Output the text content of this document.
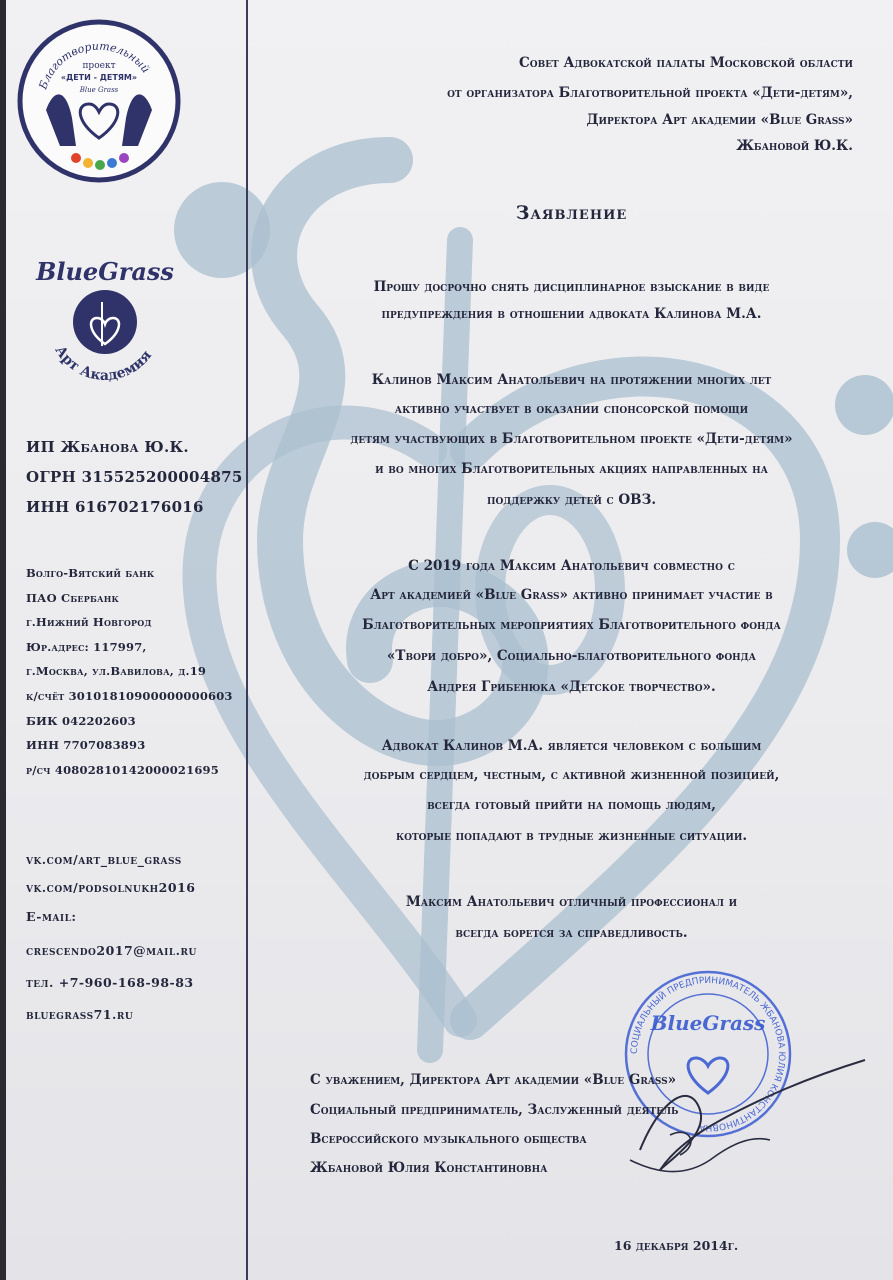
Благотворительный
проект
«ДЕТИ - ДЕТЯМ»
Blue Grass
BlueGrass
Арт Академия
ИП Жбанова Ю.К.
ОГРН 315525200004875
ИНН 616702176016
Волго-Вятский банк
ПАО Сбербанк
г.Нижний Новгород
Юр.адрес: 117997,
г.Москва, ул.Вавилова, д.19
к/счёт 30101810900000000603
БИК 042202603
ИНН 7707083893
р/сч 40802810142000021695
vk.com/art_blue_grass
vk.com/podsolnukh2016
E-mail:
crescendo2017@mail.ru
тел. +7-960-168-98-83
bluegrass71.ru
Совет Адвокатской палаты Московской области
от организатора Благотворительной проекта «Дети-детям»,
Директора Арт академии «Blue Grass»
Жбановой Ю.К.
Заявление
Прошу досрочно снять дисциплинарное взыскание в виде
предупреждения в отношении адвоката Калинова М.А.
Калинов Максим Анатольевич на протяжении многих лет
активно участвует в оказании спонсорской помощи
детям участвующих в Благотворительном проекте «Дети-детям»
и во многих Благотворительных акциях направленных на
поддержку детей с ОВЗ.
С 2019 года Максим Анатольевич совместно с
Арт академией «Blue Grass» активно принимает участие в
Благотворительных мероприятиях Благотворительного фонда
«Твори добро», Социально-благотворительного фонда
Андрея Грибенюка «Детское творчество».
Адвокат Калинов М.А. является человеком с большим
добрым сердцем, честным, с активной жизненной позицией,
всегда готовый прийти на помощь людям,
которые попадают в трудные жизненные ситуации.
Максим Анатольевич отличный профессионал и
всегда борется за справедливость.
СОЦИАЛЬНЫЙ ПРЕДПРИНИМАТЕЛЬ ЖБАНОВА ЮЛИЯ КОНСТАНТИНОВНА
BlueGrass
С уважением, Директора Арт академии «Blue Grass»
Социальный предприниматель, Заслуженный деятель
Всероссийского музыкального общества
Жбановой Юлия Константиновна
16 декабря 2014г.
